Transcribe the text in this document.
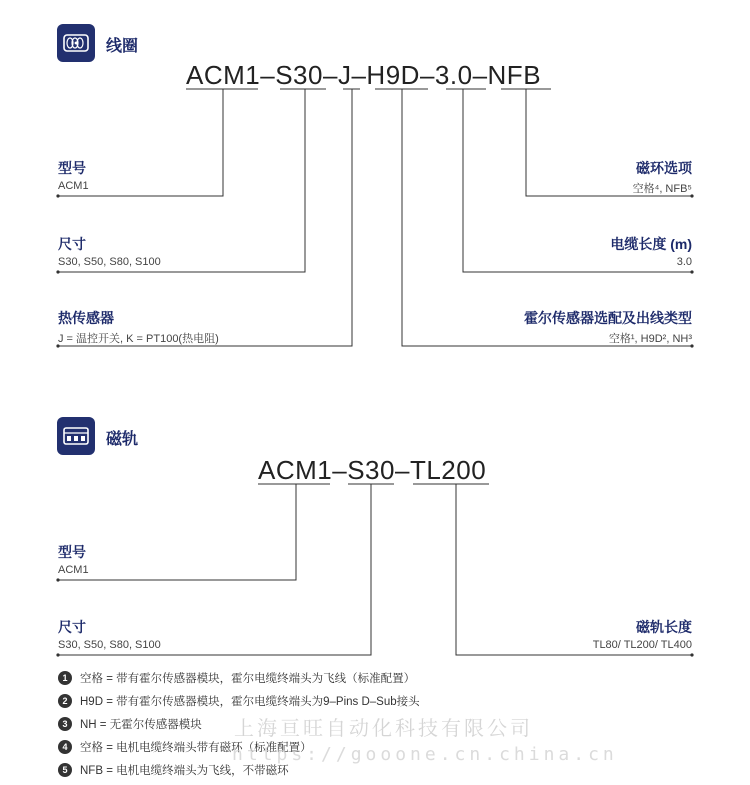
线圈
ACM1–S30–J–H9D–3.0–NFB
型号
ACM1
尺寸
S30, S50, S80, S100
热传感器
J = 温控开关, K = PT100(热电阻)
磁环选项
空格⁴, NFB⁵
电缆长度 (m)
3.0
霍尔传感器选配及出线类型
空格¹, H9D², NH³
磁轨
ACM1–S30–TL200
型号
ACM1
尺寸
S30, S50, S80, S100
磁轨长度
TL80/ TL200/ TL400
1	空格 = 带有霍尔传感器模块，霍尔电缆终端头为飞线（标准配置）
2	H9D = 带有霍尔传感器模块，霍尔电缆终端头为9–Pins D–Sub接头
3	NH = 无霍尔传感器模块
4	空格 = 电机电缆终端头带有磁环（标准配置）
5	NFB = 电机电缆终端头为飞线，不带磁环
上海亘旺自动化科技有限公司
https://gooone.cn.china.cn
